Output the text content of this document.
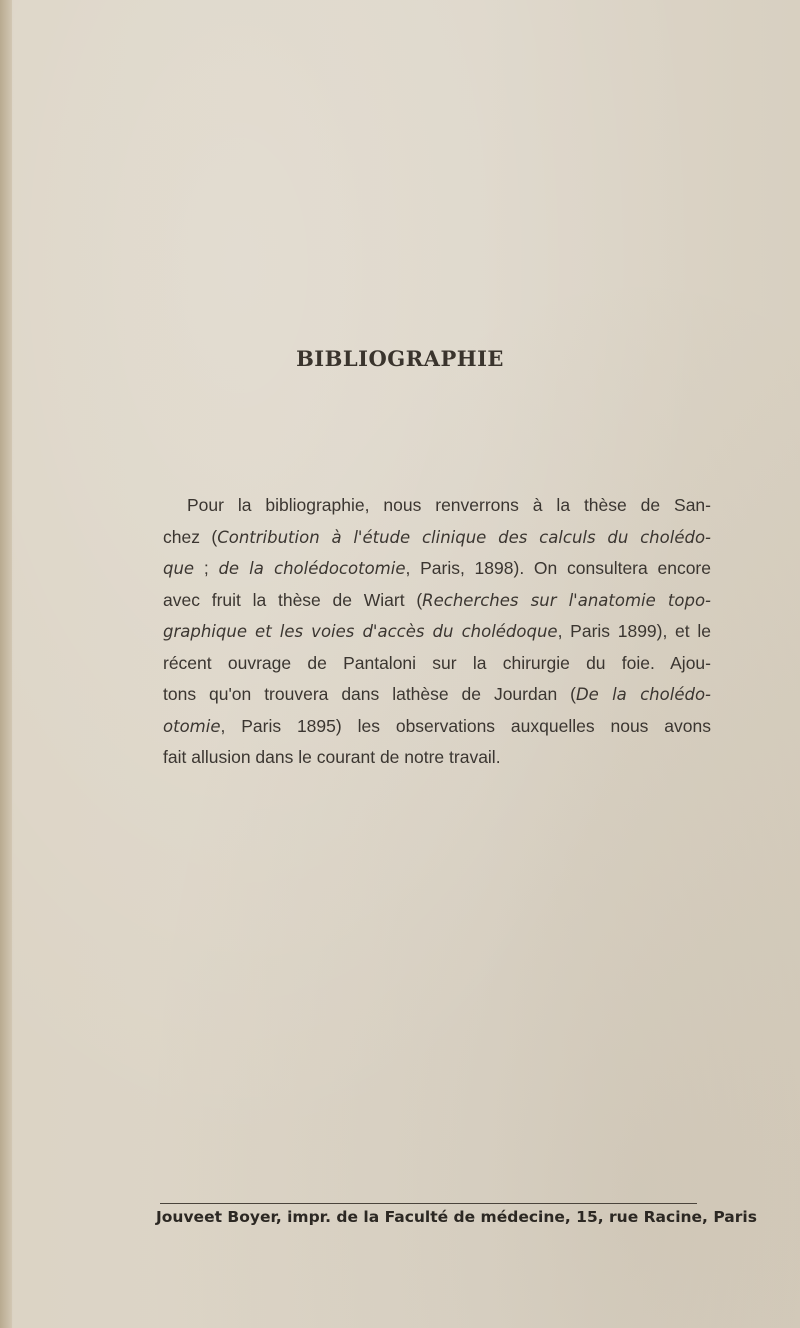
BIBLIOGRAPHIE
Pour la bibliographie, nous renverrons à la thèse de San-
chez (Contribution à l'étude clinique des calculs du cholédo-
que ; de la cholédocotomie, Paris, 1898). On consultera encore
avec fruit la thèse de Wiart (Recherches sur l'anatomie topo-
graphique et les voies d'accès du cholédoque, Paris 1899), et le
récent ouvrage de Pantaloni sur la chirurgie du foie. Ajou-
tons qu'on trouvera dans lathèse de Jourdan (De la cholédo-
otomie, Paris 1895) les observations auxquelles nous avons
fait allusion dans le courant de notre travail.
Jouveet Boyer, impr. de la Faculté de médecine, 15, rue Racine, Paris
